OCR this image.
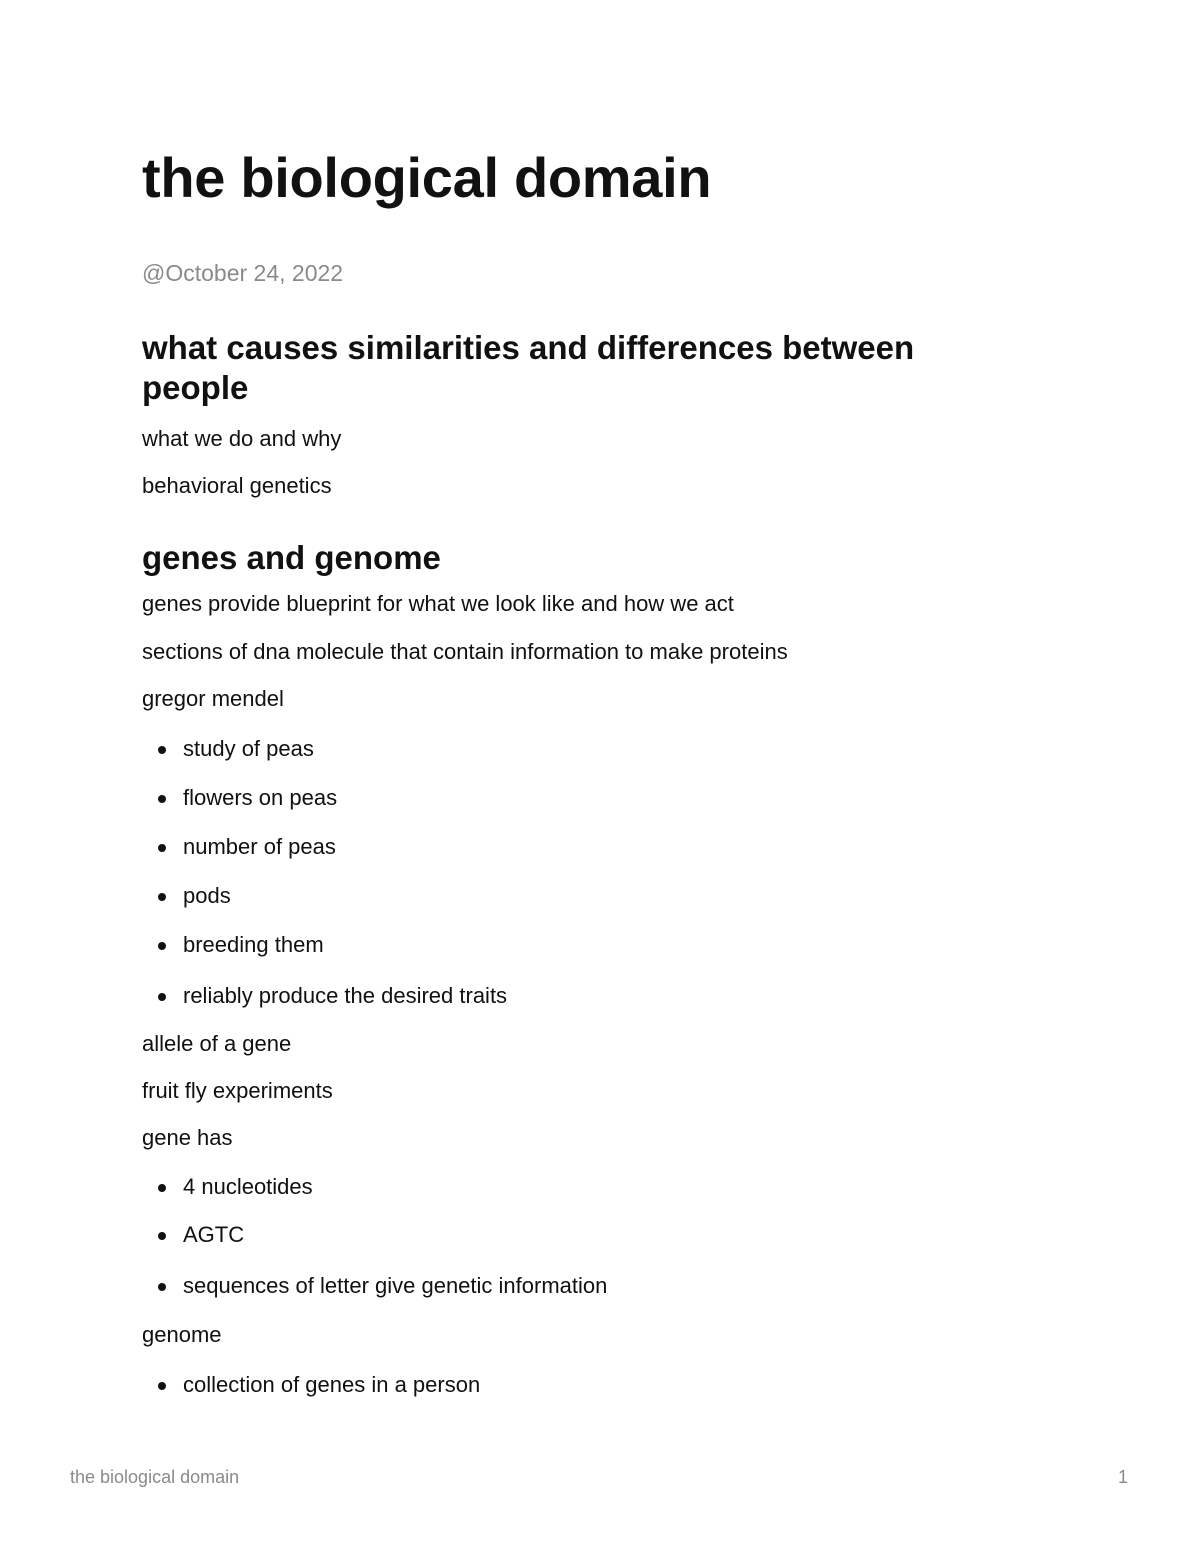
the biological domain
@October 24, 2022
what causes similarities and differences between people

what we do and why

behavioral genetics

genes and genome

genes provide blueprint for what we look like and how we act

sections of dna molecule that contain information to make proteins

gregor mendel

study of peas
flowers on peas
number of peas
pods
breeding them
reliably produce the desired traits

allele of a gene

fruit fly experiments

gene has

4 nucleotides
AGTC
sequences of letter give genetic information

genome

collection of genes in a person
the biological domain	1
